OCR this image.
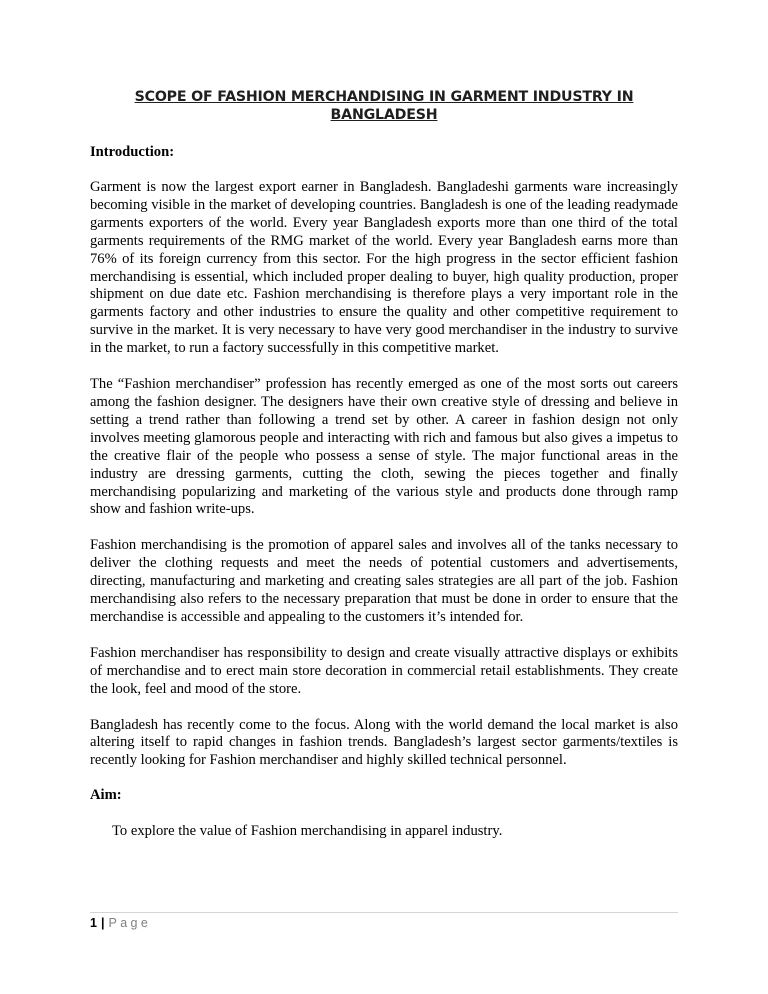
SCOPE OF FASHION MERCHANDISING IN GARMENT INDUSTRY IN
BANGLADESH
Introduction:

Garment is now the largest export earner in Bangladesh. Bangladeshi garments ware increasingly becoming visible in the market of developing countries. Bangladesh is one of the leading readymade garments exporters of the world. Every year Bangladesh exports more than one third of the total garments requirements of the RMG market of the world. Every year Bangladesh earns more than 76% of its foreign currency from this sector. For the high progress in the sector efficient fashion merchandising is essential, which included proper dealing to buyer, high quality production, proper shipment on due date etc. Fashion merchandising is therefore plays a very important role in the garments factory and other industries to ensure the quality and other competitive requirement to survive in the market. It is very necessary to have very good merchandiser in the industry to survive in the market, to run a factory successfully in this competitive market.

The “Fashion merchandiser” profession has recently emerged as one of the most sorts out careers among the fashion designer. The designers have their own creative style of dressing and believe in setting a trend rather than following a trend set by other. A career in fashion design not only involves meeting glamorous people and interacting with rich and famous but also gives a impetus to the creative flair of the people who possess a sense of style. The major functional areas in the industry are dressing garments, cutting the cloth, sewing the pieces together and finally merchandising popularizing and marketing of the various style and products done through ramp show and fashion write-ups.

Fashion merchandising is the promotion of apparel sales and involves all of the tanks necessary to deliver the clothing requests and meet the needs of potential customers and advertisements, directing, manufacturing and marketing and creating sales strategies are all part of the job. Fashion merchandising also refers to the necessary preparation that must be done in order to ensure that the merchandise is accessible and appealing to the customers it’s intended for.

Fashion merchandiser has responsibility to design and create visually attractive displays or exhibits of merchandise and to erect main store decoration in commercial retail establishments. They create the look, feel and mood of the store.

Bangladesh has recently come to the focus. Along with the world demand the local market is also altering itself to rapid changes in fashion trends. Bangladesh’s largest sector garments/textiles is recently looking for Fashion merchandiser and highly skilled technical personnel.

Aim:

To explore the value of Fashion merchandising in apparel industry.

1 | Page
